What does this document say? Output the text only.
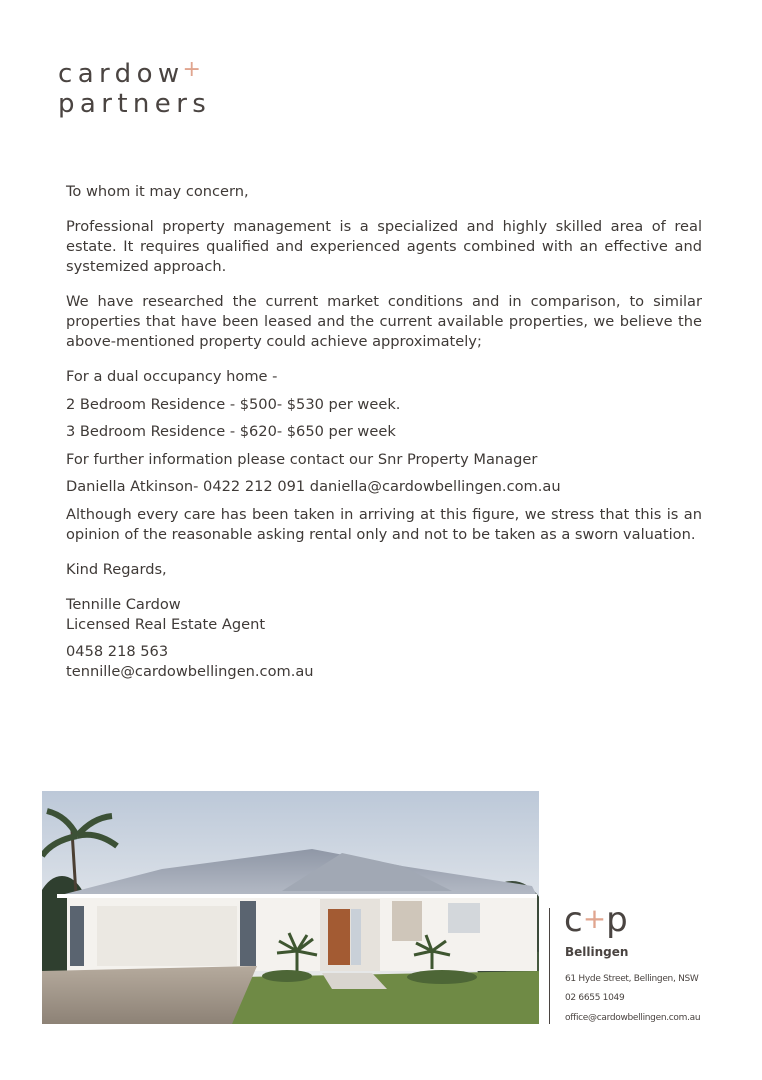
cardow+
partners

To whom it may concern,

Professional property management is a specialized and highly skilled area of real estate. It requires qualified and experienced agents combined with an effective and systemized approach.

We have researched the current market conditions and in comparison, to similar properties that have been leased and the current available properties, we believe the above-mentioned property could achieve approximately;

For a dual occupancy home -

2 Bedroom Residence - $500- $530 per week.

3 Bedroom Residence - $620- $650 per week

For further information please contact our Snr Property Manager

Daniella Atkinson- 0422 212 091 daniella@cardowbellingen.com.au

Although every care has been taken in arriving at this figure, we stress that this is an opinion of the reasonable asking rental only and not to be taken as a sworn valuation.

Kind Regards,

Tennille Cardow

Licensed Real Estate Agent

0458 218 563

tennille@cardowbellingen.com.au

c+p
Bellingen
61 Hyde Street, Bellingen, NSW
02 6655 1049
office@cardowbellingen.com.au
